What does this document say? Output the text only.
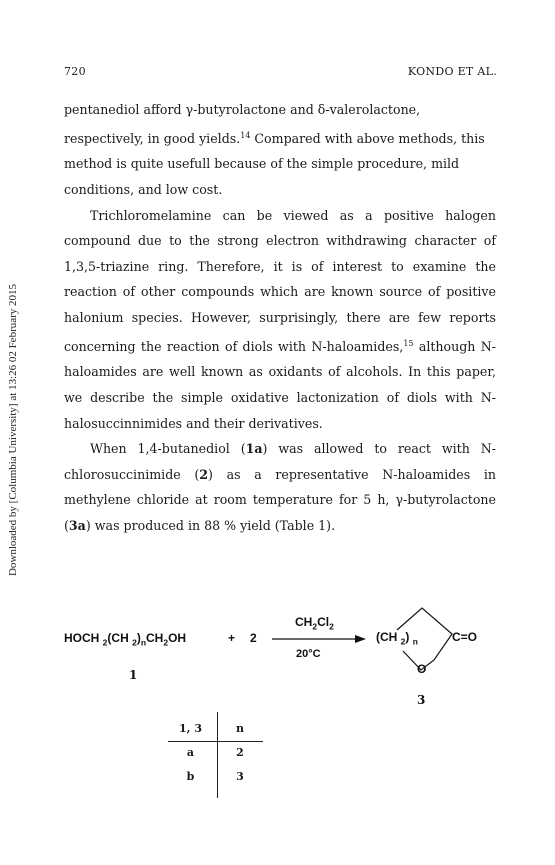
Downloaded by [Columbia University] at 13:26 02 February 2015
720	KONDO ET AL.

pentanediol afford γ-butyrolactone and δ-valerolactone,
respectively, in good yields.$^{14}$ Compared with above methods, this method is quite usefull because of the simple procedure, mild conditions, and low cost.

Trichloromelamine can be viewed as a positive halogen compound due to the strong electron withdrawing character of 1,3,5-triazine ring. Therefore, it is of interest to examine the reaction of other compounds which are known source of positive halonium species. However, surprisingly, there are few reports concerning the reaction of diols with N-haloamides,$^{15}$ although N-haloamides are well known as oxidants of alcohols. In this paper, we describe the simple oxidative lactonization of diols with N-halosuccinnimides and their derivatives.

When 1,4-butanediol (1a) was allowed to react with N-chlorosuccinimide (2) as a representative N-haloamides in methylene chloride at room temperature for 5 h, γ-butyrolactone (3a) was produced in 88 % yield (Table 1).

HOCH $_2$(CH $_2)_nCH_2OH$	+ 2
$CH_2Cl_2$
20°C
(CH $_2$) $_n$	C=O
O
1
3
1, 3	n
a	2
b	3
